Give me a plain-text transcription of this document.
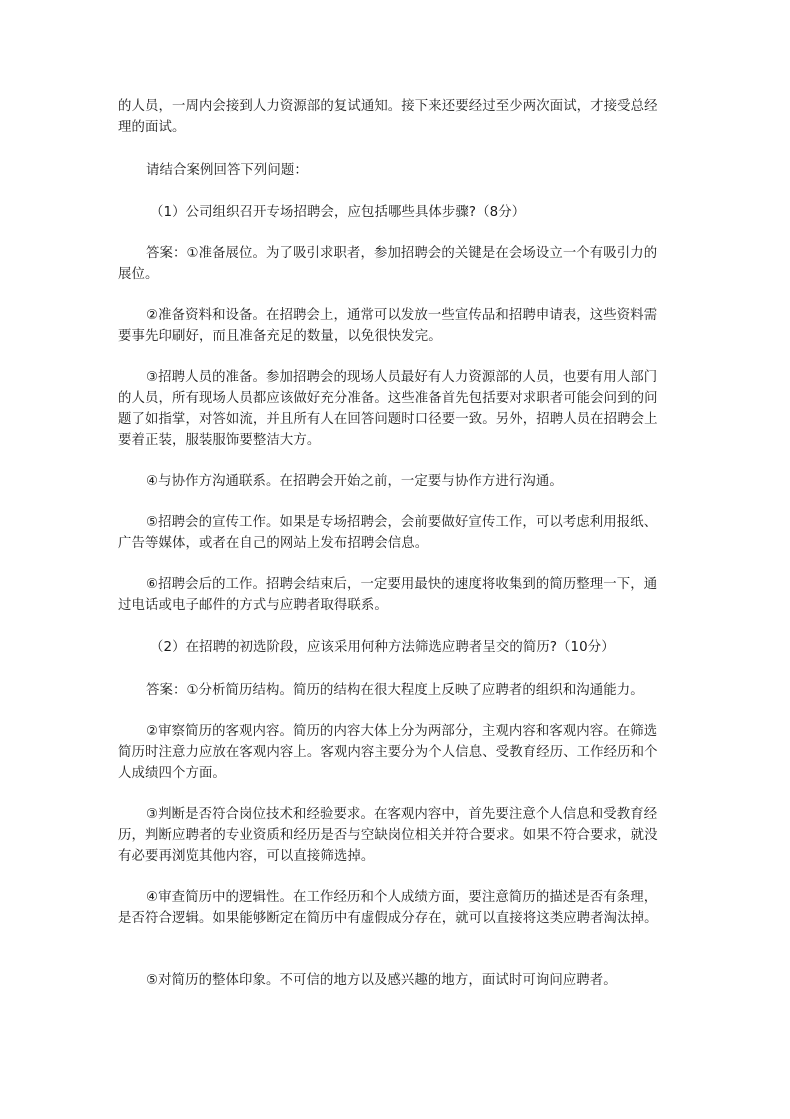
的人员，一周内会接到人力资源部的复试通知。接下来还要经过至少两次面试，才接受总经理的面试。

请结合案例回答下列问题：

（1）公司组织召开专场招聘会，应包括哪些具体步骤?（8分）

答案：①准备展位。为了吸引求职者，参加招聘会的关键是在会场设立一个有吸引力的展位。

②准备资料和设备。在招聘会上，通常可以发放一些宣传品和招聘申请表，这些资料需要事先印刷好，而且准备充足的数量，以免很快发完。

③招聘人员的准备。参加招聘会的现场人员最好有人力资源部的人员，也要有用人部门的人员，所有现场人员都应该做好充分准备。这些准备首先包括要对求职者可能会问到的问题了如指掌，对答如流，并且所有人在回答问题时口径要一致。另外，招聘人员在招聘会上要着正装，服装服饰要整洁大方。

④与协作方沟通联系。在招聘会开始之前，一定要与协作方进行沟通。

⑤招聘会的宣传工作。如果是专场招聘会，会前要做好宣传工作，可以考虑利用报纸、广告等媒体，或者在自己的网站上发布招聘会信息。

⑥招聘会后的工作。招聘会结束后，一定要用最快的速度将收集到的简历整理一下，通过电话或电子邮件的方式与应聘者取得联系。

（2）在招聘的初选阶段，应该采用何种方法筛选应聘者呈交的简历?（10分）

答案：①分析简历结构。简历的结构在很大程度上反映了应聘者的组织和沟通能力。

②审察简历的客观内容。简历的内容大体上分为两部分，主观内容和客观内容。在筛选简历时注意力应放在客观内容上。客观内容主要分为个人信息、受教育经历、工作经历和个人成绩四个方面。

③判断是否符合岗位技术和经验要求。在客观内容中，首先要注意个人信息和受教育经历，判断应聘者的专业资质和经历是否与空缺岗位相关并符合要求。如果不符合要求，就没有必要再浏览其他内容，可以直接筛选掉。

④审查简历中的逻辑性。在工作经历和个人成绩方面，要注意简历的描述是否有条理，是否符合逻辑。如果能够断定在简历中有虚假成分存在，就可以直接将这类应聘者淘汰掉。

⑤对简历的整体印象。不可信的地方以及感兴趣的地方，面试时可询问应聘者。
